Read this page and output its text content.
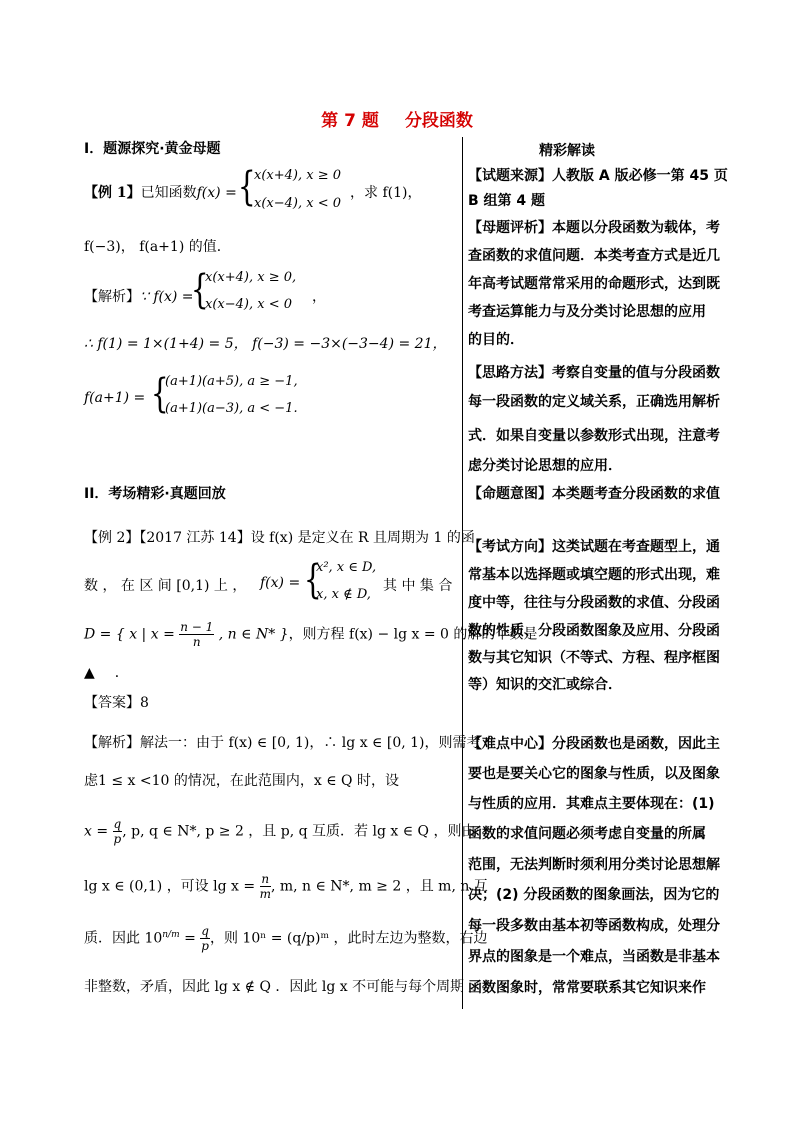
第 7 题 分段函数
I．题源探究·黄金母题
【例 1】已知函数f(x) = {
x(x+4), x ≥ 0
x(x−4), x < 0
，求 f(1)，
f(−3)， f(a+1) 的值．
【解析】∵ f(x) =
{
x(x+4), x ≥ 0,
x(x−4), x < 0 ，
∴ f(1) = 1×(1+4) = 5， f(−3) = −3×(−3−4) = 21，
f(a+1) = {
(a+1)(a+5), a ≥ −1,
(a+1)(a−3), a < −1.
II．考场精彩·真题回放
【例 2】【2017 江苏 14】设 f(x) 是定义在 R 且周期为 1 的函
数 ， 在 区 间 [0,1) 上 ， f(x) = {
x², x ∈ D,
x, x ∉ D,
其 中 集 合
D = { x | $x = \frac{n - 1}{n}$ , n ∈ N* }，则方程 f(x) − lg x = 0 的解的个数是
▲ ．
【答案】8
【解析】解法一：由于 f(x) ∈ [0, 1)，∴ lg x ∈ [0, 1)，则需考
虑1 ≤ x <10 的情况，在此范围内，x ∈ Q 时，设
$x = \frac{q}{p}$ , p, q ∈ N*, p ≥ 2 ，且 p, q 互质．若 lg x ∈ Q ，则由
lg x ∈ (0,1) ，可设 $\lg x = \frac{n}{m}$ , m, n ∈ N*, m ≥ 2 ，且 m, n 互
质．因此 $10^{n/m} = \frac{q}{p}$ ，则 10ⁿ = (q/p)ᵐ ，此时左边为整数，右边
非整数，矛盾，因此 lg x ∉ Q ．因此 lg x 不可能与每个周期
精彩解读
【试题来源】人教版 A 版必修一第 45 页
B 组第 4 题
【母题评析】本题以分段函数为载体，考
查函数的求值问题．本类考查方式是近几
年高考试题常常采用的命题形式，达到既
考查运算能力与及分类讨论思想的应用
的目的．
【思路方法】考察自变量的值与分段函数
每一段函数的定义域关系，正确选用解析
式．如果自变量以参数形式出现，注意考
虑分类讨论思想的应用．
【命题意图】本类题考查分段函数的求值
【考试方向】这类试题在考查题型上，通
常基本以选择题或填空题的形式出现，难
度中等，往往与分段函数的求值、分段函
数的性质、分段函数图象及应用、分段函
数与其它知识（不等式、方程、程序框图
等）知识的交汇或综合．
【难点中心】分段函数也是函数，因此主
要也是要关心它的图象与性质，以及图象
与性质的应用．其难点主要体现在：(1)
函数的求值问题必须考虑自变量的所属
范围，无法判断时须利用分类讨论思想解
决；(2) 分段函数的图象画法，因为它的
每一段多数由基本初等函数构成，处理分
界点的图象是一个难点，当函数是非基本
函数图象时，常常要联系其它知识来作
